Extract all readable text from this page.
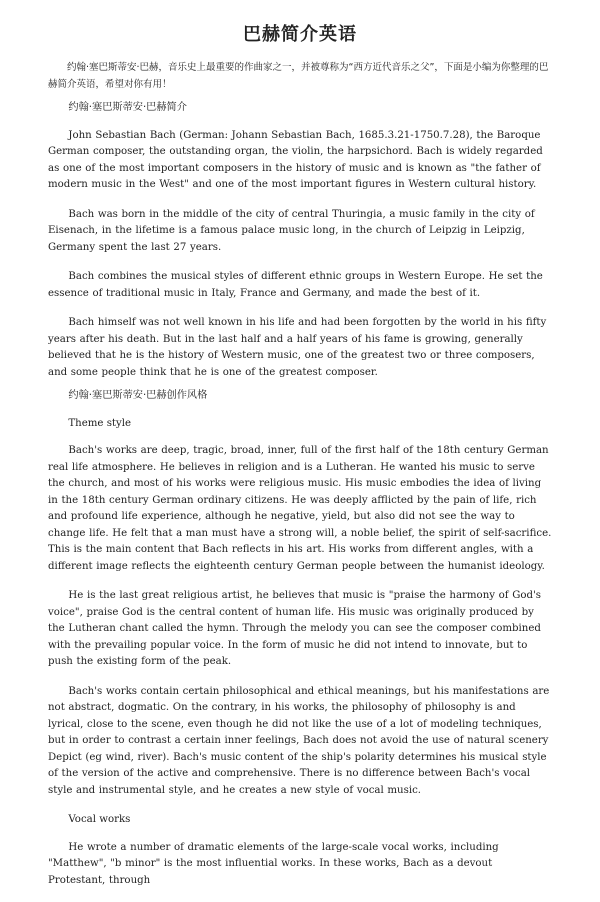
巴赫简介英语

约翰·塞巴斯蒂安·巴赫，音乐史上最重要的作曲家之一，并被尊称为“西方近代音乐之父”，下面是小编为你整理的巴赫简介英语，希望对你有用！

约翰·塞巴斯蒂安·巴赫简介

John Sebastian Bach (German: Johann Sebastian Bach, 1685.3.21-1750.7.28), the Baroque German composer, the outstanding organ, the violin, the harpsichord. Bach is widely regarded as one of the most important composers in the history of music and is known as "the father of modern music in the West" and one of the most important figures in Western cultural history.

Bach was born in the middle of the city of central Thuringia, a music family in the city of Eisenach, in the lifetime is a famous palace music long, in the church of Leipzig in Leipzig, Germany spent the last 27 years.

Bach combines the musical styles of different ethnic groups in Western Europe. He set the essence of traditional music in Italy, France and Germany, and made the best of it.

Bach himself was not well known in his life and had been forgotten by the world in his fifty years after his death. But in the last half and a half years of his fame is growing, generally believed that he is the history of Western music, one of the greatest two or three composers, and some people think that he is one of the greatest composer.

约翰·塞巴斯蒂安·巴赫创作风格

Theme style

Bach's works are deep, tragic, broad, inner, full of the first half of the 18th century German real life atmosphere. He believes in religion and is a Lutheran. He wanted his music to serve the church, and most of his works were religious music. His music embodies the idea of living in the 18th century German ordinary citizens. He was deeply afflicted by the pain of life, rich and profound life experience, although he negative, yield, but also did not see the way to change life. He felt that a man must have a strong will, a noble belief, the spirit of self-sacrifice. This is the main content that Bach reflects in his art. His works from different angles, with a different image reflects the eighteenth century German people between the humanist ideology.

He is the last great religious artist, he believes that music is "praise the harmony of God's voice", praise God is the central content of human life. His music was originally produced by the Lutheran chant called the hymn. Through the melody you can see the composer combined with the prevailing popular voice. In the form of music he did not intend to innovate, but to push the existing form of the peak.

Bach's works contain certain philosophical and ethical meanings, but his manifestations are not abstract, dogmatic. On the contrary, in his works, the philosophy of philosophy is and lyrical, close to the scene, even though he did not like the use of a lot of modeling techniques, but in order to contrast a certain inner feelings, Bach does not avoid the use of natural scenery Depict (eg wind, river). Bach's music content of the ship's polarity determines his musical style of the version of the active and comprehensive. There is no difference between Bach's vocal style and instrumental style, and he creates a new style of vocal music.

Vocal works

He wrote a number of dramatic elements of the large-scale vocal works, including "Matthew", "b minor" is the most influential works. In these works, Bach as a devout Protestant, through
